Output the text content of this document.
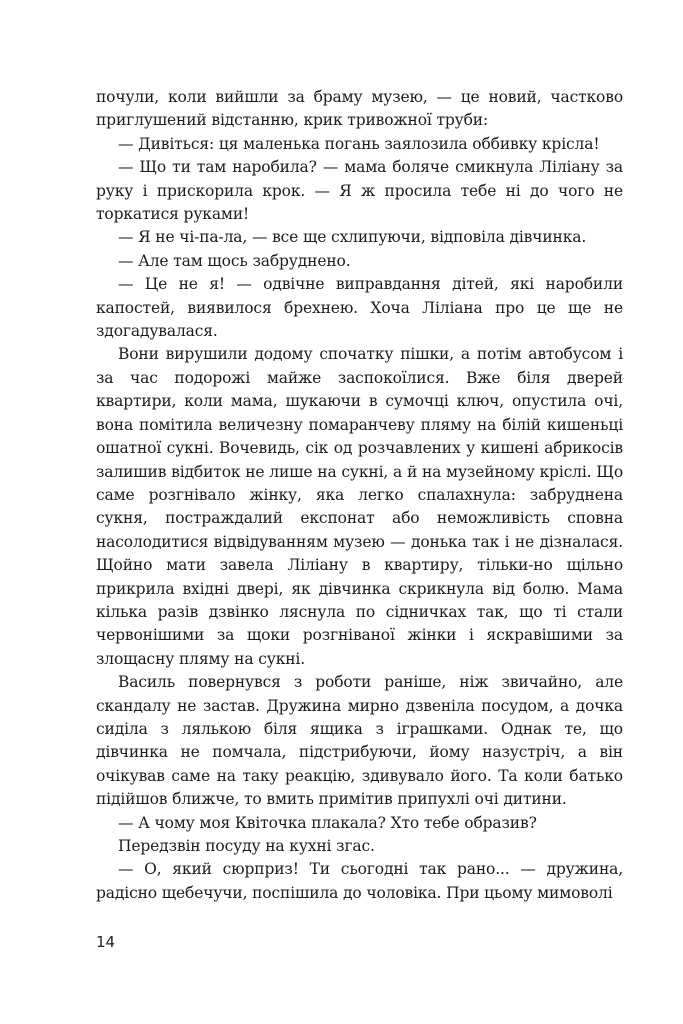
почули, коли вийшли за браму музею, — це новий, частково приглушений відстанню, крик тривожної труби:

— Дивіться: ця маленька погань заялозила оббивку крісла!

— Що ти там наробила? — мама боляче смикнула Ліліану за руку і прискорила крок. — Я ж просила тебе ні до чого не торкатися руками!

— Я не чі-па-ла, — все ще схлипуючи, відповіла дівчинка.

— Але там щось забруднено.

— Це не я! — одвічне виправдання дітей, які наробили капостей, виявилося брехнею. Хоча Ліліана про це ще не здогадувалася.

Вони вирушили додому спочатку пішки, а потім автобусом і за час подорожі майже заспокоїлися. Вже біля дверей квартири, коли мама, шукаючи в сумочці ключ, опустила очі, вона помітила величезну помаранчеву пляму на білій кишеньці ошатної сукні. Вочевидь, сік од розчавлених у кишені абрикосів залишив відбиток не лише на сукні, а й на музейному кріслі. Що саме розгнівало жінку, яка легко спалахнула: забруднена сукня, постраждалий експонат або неможливість сповна насолодитися відвідуванням музею — донька так і не дізналася. Щойно мати завела Ліліану в квартиру, тільки-но щільно прикрила вхідні двері, як дівчинка скрикнула від болю. Мама кілька разів дзвінко ляснула по сідничках так, що ті стали червонішими за щоки розгніваної жінки і яскравішими за злощасну пляму на сукні.

Василь повернувся з роботи раніше, ніж звичайно, але скандалу не застав. Дружина мирно дзвеніла посудом, а дочка сиділа з лялькою біля ящика з іграшками. Однак те, що дівчинка не помчала, підстрибуючи, йому назустріч, а він очікував саме на таку реакцію, здивувало його. Та коли батько підійшов ближче, то вмить примітив припухлі очі дитини.

— А чому моя Квіточка плакала? Хто тебе образив?

Передзвін посуду на кухні згас.

— О, який сюрприз! Ти сьогодні так рано... — дружина, радісно щебечучи, поспішила до чоловіка. При цьому мимоволі

14
